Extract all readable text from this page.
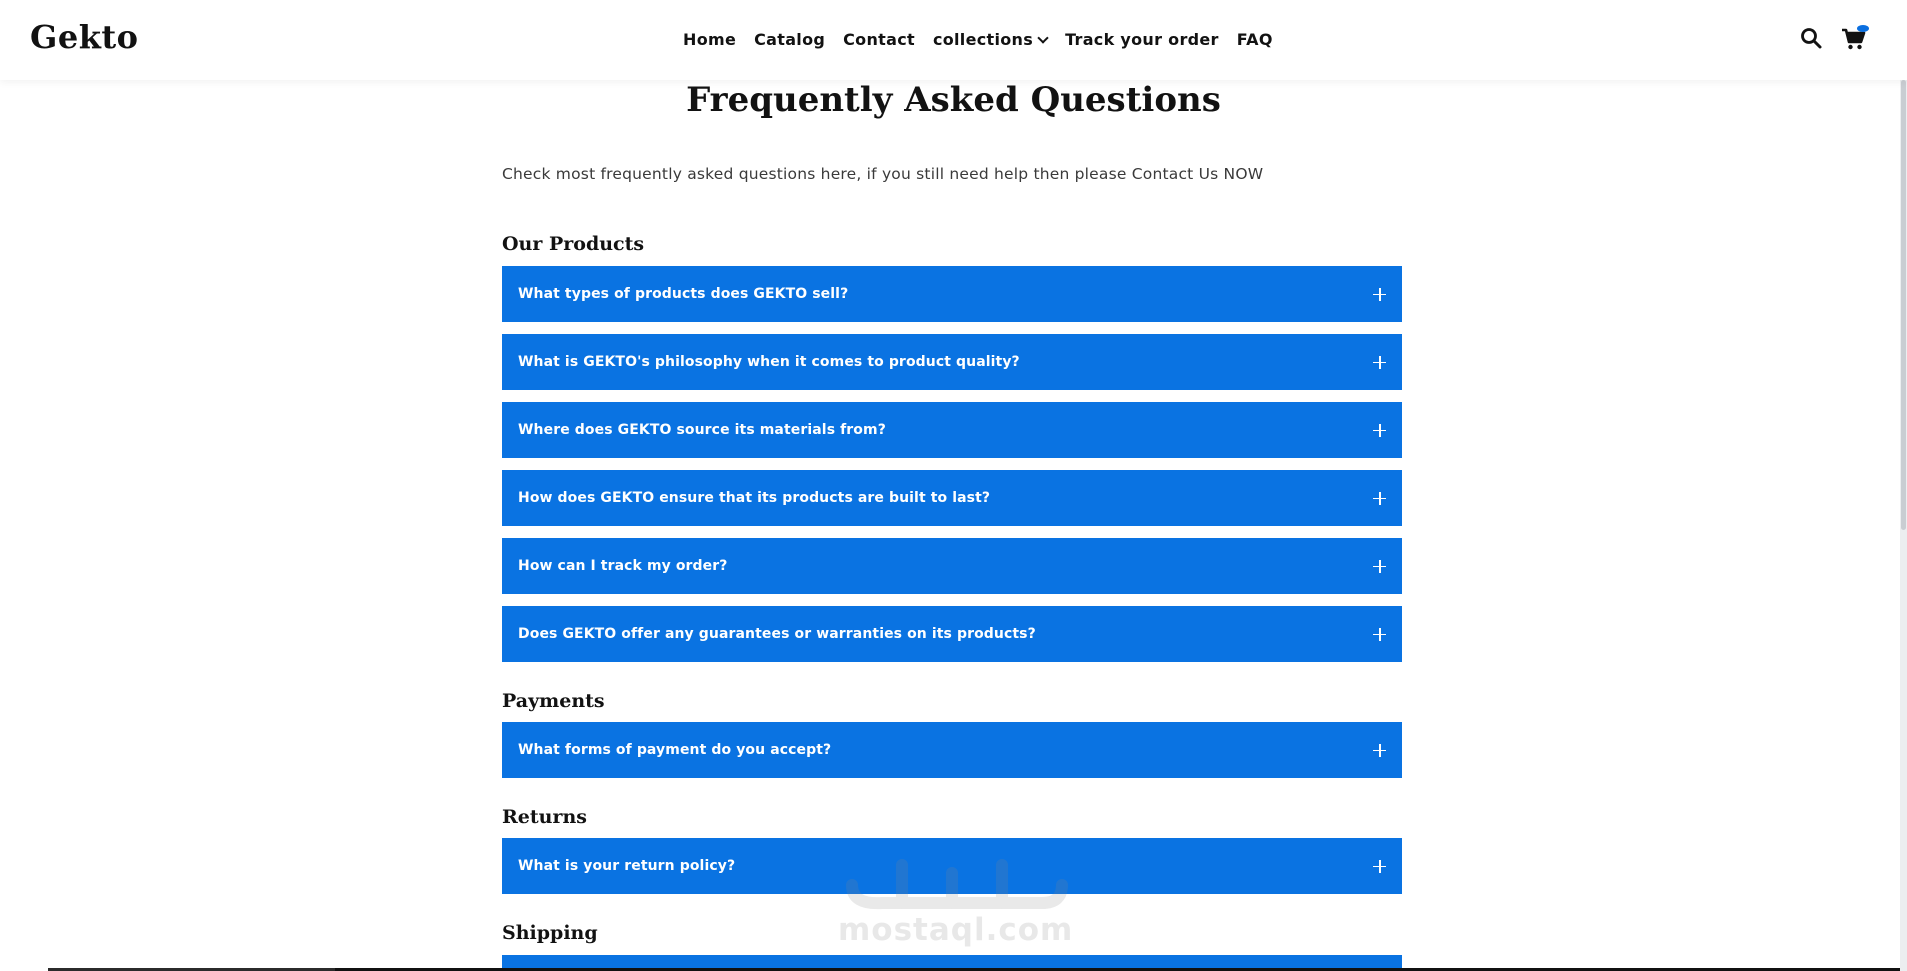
Gekto	Home Catalog Contact collections Track your order FAQ
Frequently Asked Questions

Check most frequently asked questions here, if you still need help then please Contact Us NOW

Our Products
What types of products does GEKTO sell?
What is GEKTO's philosophy when it comes to product quality?
Where does GEKTO source its materials from?
How does GEKTO ensure that its products are built to last?
How can I track my order?
Does GEKTO offer any guarantees or warranties on its products?
Payments
What forms of payment do you accept?
Returns
What is your return policy?
Shipping	mostaql.com
